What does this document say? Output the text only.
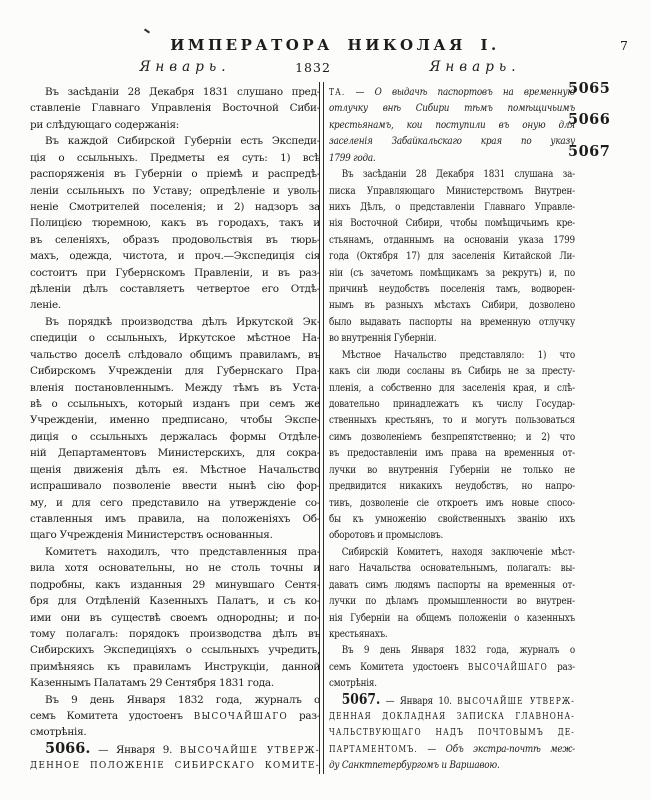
ИМПЕРАТОРА НИКОЛАЯ I.	7
Январь.	1832	Январь.
5065
5066
5067
Въ засѣданіи 28 Декабря 1831 слушано пред-
ставленіе Главнаго Управленія Восточной Сиби-
ри слѣдующаго содержанія:
Въ каждой Сибирской Губерніи есть Экспеди-
ція о ссыльныхъ. Предметы ея суть: 1) всѣ
распоряженія въ Губерніи о пріемѣ и распредѣ-
леніи ссыльныхъ по Уставу; опредѣленіе и уволь-
неніе Смотрителей поселенія; и 2) надзоръ за
Полицією тюремною, какъ въ городахъ, такъ и
въ селеніяхъ, образъ продовольствія въ тюрь-
махъ, одежда, чистота, и проч.—Экспедиція сія
состоитъ при Губернскомъ Правленіи, и въ раз-
дѣленіи дѣлъ составляетъ четвертое его Отдѣ-
леніе.
Въ порядкѣ производства дѣлъ Иркутской Эк-
спедиціи о ссыльныхъ, Иркутское мѣстное На-
чальство доселѣ слѣдовало общимъ правиламъ, въ
Сибирскомъ Учрежденіи для Губернскаго Пра-
вленія постановленнымъ. Между тѣмъ въ Уста-
вѣ о ссыльныхъ, который изданъ при семъ же
Учрежденіи, именно предписано, чтобы Экспе-
диція о ссыльныхъ держалась формы Отдѣле-
ній Департаментовъ Министерскихъ, для сокра-
щенія движенія дѣлъ ея. Мѣстное Начальство
испрашивало позволеніе ввести нынѣ сію фор-
му, и для сего представило на утвержденіе со-
ставленныя имъ правила, на положеніяхъ Об-
щаго Учрежденія Министерствъ основанныя.
Комитетъ находилъ, что представленныя пра-
вила хотя основательны, но не столь точны и
подробны, какъ изданныя 29 минувшаго Сентя-
бря для Отдѣленій Казенныхъ Палатъ, и съ ко-
ими они въ существѣ своемъ однородны; и по-
тому полагалъ: порядокъ производства дѣлъ въ
Сибирскихъ Экспедиціяхъ о ссыльныхъ учредить,
примѣняясь къ правиламъ Инструкціи, данной
Казеннымъ Палатамъ 29 Сентября 1831 года.
Въ 9 день Января 1832 года, журналъ о
семъ Комитета удостоенъ ВЫСОЧАЙШАГО раз-
смотрѣнія.
5066. — Января 9. ВЫСОЧАЙШЕ УТВЕРЖ-
ДЕННОЕ ПОЛОЖЕНІЕ СИБИРСКАГО КОМИТЕ-
ТА. — О выдачѣ паспортовъ на временную
отлучку внѣ Сибири тѣмъ помѣщичьимъ
крестьянамъ, кои поступили въ оную для
заселенія Забайкальскаго края по указу
1799 года.
Въ засѣданіи 28 Декабря 1831 слушана за-
писка Управляющаго Министерствомъ Внутрен-
нихъ Дѣлъ, о представленіи Главнаго Управле-
нія Восточной Сибири, чтобы помѣщичьимъ кре-
стьянамъ, отданнымъ на основаніи указа 1799
года (Октября 17) для заселенія Китайской Ли-
ніи (съ зачетомъ помѣщикамъ за рекрутъ) и, по
причинѣ неудобствъ поселенія тамъ, водворен-
нымъ въ разныхъ мѣстахъ Сибири, дозволено
было выдавать паспорты на временную отлучку
во внутреннія Губерніи.
Мѣстное Начальство представляло: 1) что
какъ сіи люди сосланы въ Сибирь не за престу-
пленія, а собственно для заселенія края, и слѣ-
довательно принадлежатъ къ числу Государ-
ственныхъ крестьянъ, то и могутъ пользоваться
симъ дозволеніемъ безпрепятственно; и 2) что
въ предоставленіи имъ права на временныя от-
лучки во внутреннія Губерніи не только не
предвидится никакихъ неудобствъ, но напро-
тивъ, дозволеніе сіе откроетъ имъ новые спосо-
бы къ умноженію свойственныхъ званію ихъ
оборотовъ и промысловъ.
Сибирскій Комитетъ, находя заключеніе мѣст-
наго Начальства основательнымъ, полагалъ: вы-
давать симъ людямъ паспорты на временныя от-
лучки по дѣламъ промышленности во внутрен-
нія Губерніи на общемъ положеніи о казенныхъ
крестьянахъ.
Въ 9 день Января 1832 года, журналъ о
семъ Комитета удостоенъ ВЫСОЧАЙШАГО раз-
смотрѣнія.
5067. — Января 10. ВЫСОЧАЙШЕ УТВЕРЖ-
ДЕННАЯ ДОКЛАДНАЯ ЗАПИСКА ГЛАВНОНА-
ЧАЛЬСТВУЮЩАГО НАДЪ ПОЧТОВЫМЪ ДЕ-
ПАРТАМЕНТОМЪ. — Объ экстра-почтѣ меж-
ду Санктпетербургомъ и Варшавою.
